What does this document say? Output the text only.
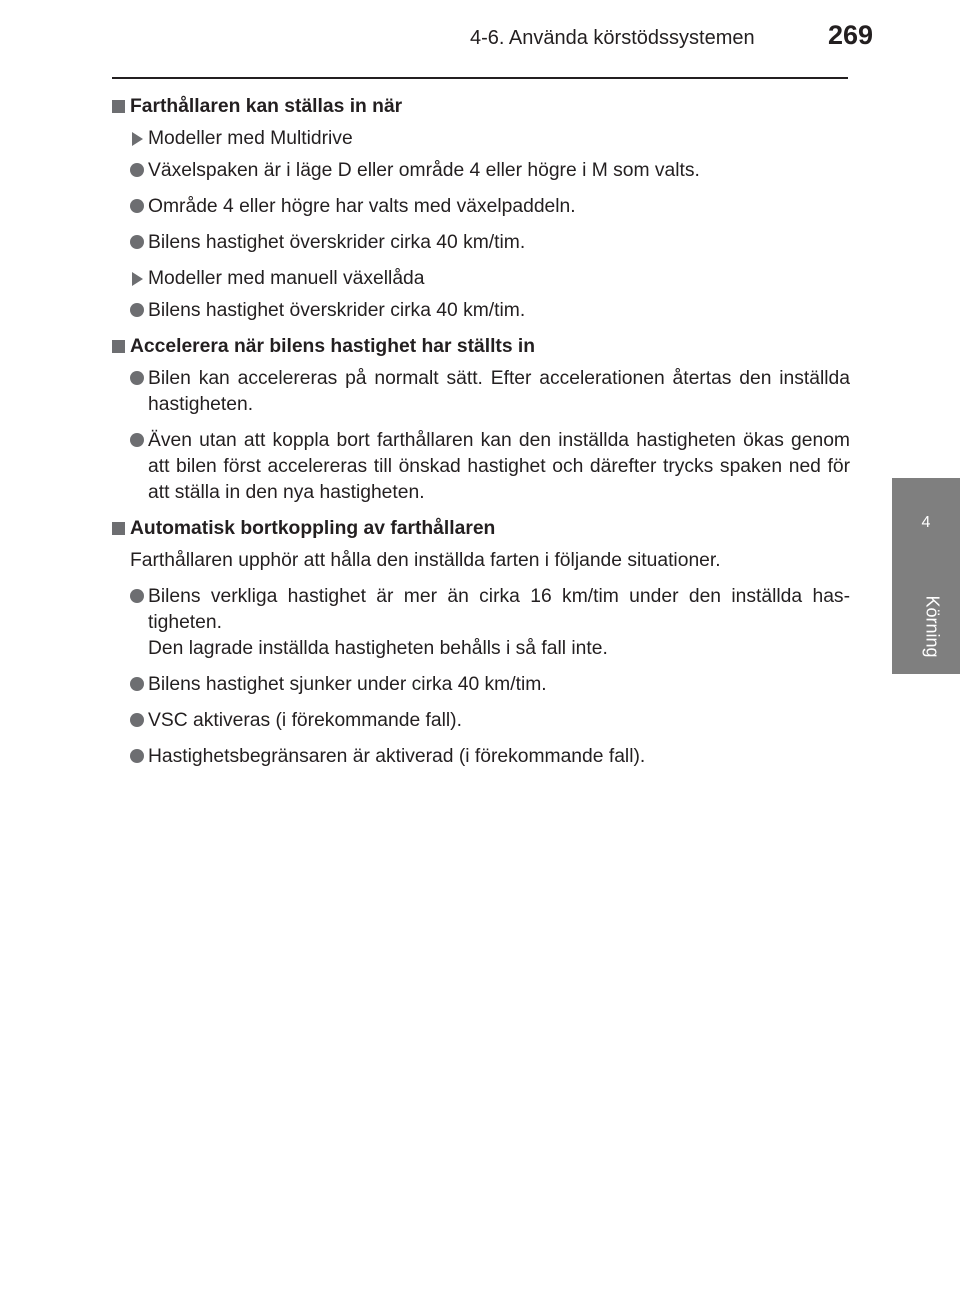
4-6. Använda körstödssystemen	269
4
Körning
Farthållaren kan ställas in när
Modeller med Multidrive
Växelspaken är i läge D eller område 4 eller högre i M som valts.
Område 4 eller högre har valts med växelpaddeln.
Bilens hastighet överskrider cirka 40 km/tim.
Modeller med manuell växellåda
Bilens hastighet överskrider cirka 40 km/tim.
Accelerera när bilens hastighet har ställts in
Bilen kan accelereras på normalt sätt. Efter accelerationen återtas den inställda hastigheten.
Även utan att koppla bort farthållaren kan den inställda hastigheten ökas genom att bilen först accelereras till önskad hastighet och därefter trycks spaken ned för att ställa in den nya hastigheten.
Automatisk bortkoppling av farthållaren
Farthållaren upphör att hålla den inställda farten i följande situationer.
Bilens verkliga hastighet är mer än cirka 16 km/tim under den inställda has-tigheten.
Den lagrade inställda hastigheten behålls i så fall inte.
Bilens hastighet sjunker under cirka 40 km/tim.
VSC aktiveras (i förekommande fall).
Hastighetsbegränsaren är aktiverad (i förekommande fall).
